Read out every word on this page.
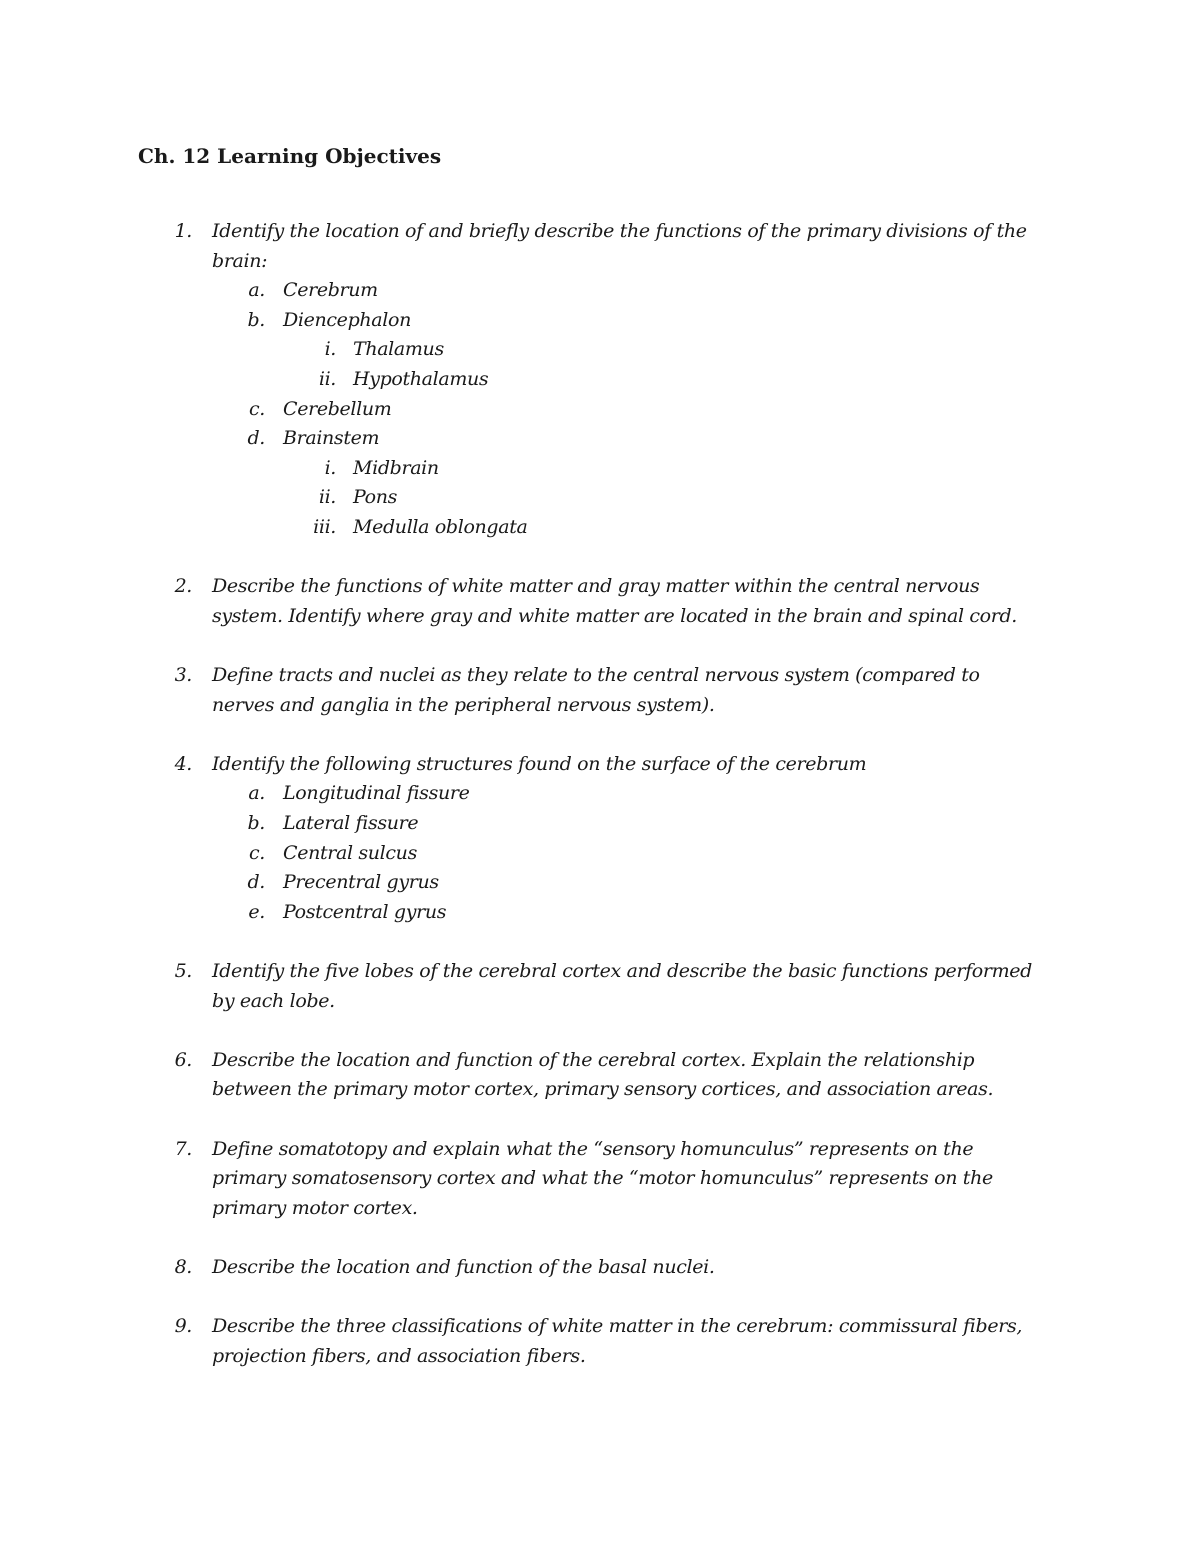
Ch. 12 Learning Objectives
1. Identify the location of and briefly describe the functions of the primary divisions of the
brain:
a. Cerebrum
b. Diencephalon
i. Thalamus
ii. Hypothalamus
c. Cerebellum
d. Brainstem
i. Midbrain
ii. Pons
iii. Medulla oblongata
2. Describe the functions of white matter and gray matter within the central nervous
system. Identify where gray and white matter are located in the brain and spinal cord.
3. Define tracts and nuclei as they relate to the central nervous system (compared to
nerves and ganglia in the peripheral nervous system).
4. Identify the following structures found on the surface of the cerebrum
a. Longitudinal fissure
b. Lateral fissure
c. Central sulcus
d. Precentral gyrus
e. Postcentral gyrus
5. Identify the five lobes of the cerebral cortex and describe the basic functions performed
by each lobe.
6. Describe the location and function of the cerebral cortex. Explain the relationship
between the primary motor cortex, primary sensory cortices, and association areas.
7. Define somatotopy and explain what the “sensory homunculus” represents on the
primary somatosensory cortex and what the “motor homunculus” represents on the
primary motor cortex.
8. Describe the location and function of the basal nuclei.
9. Describe the three classifications of white matter in the cerebrum: commissural fibers,
projection fibers, and association fibers.
